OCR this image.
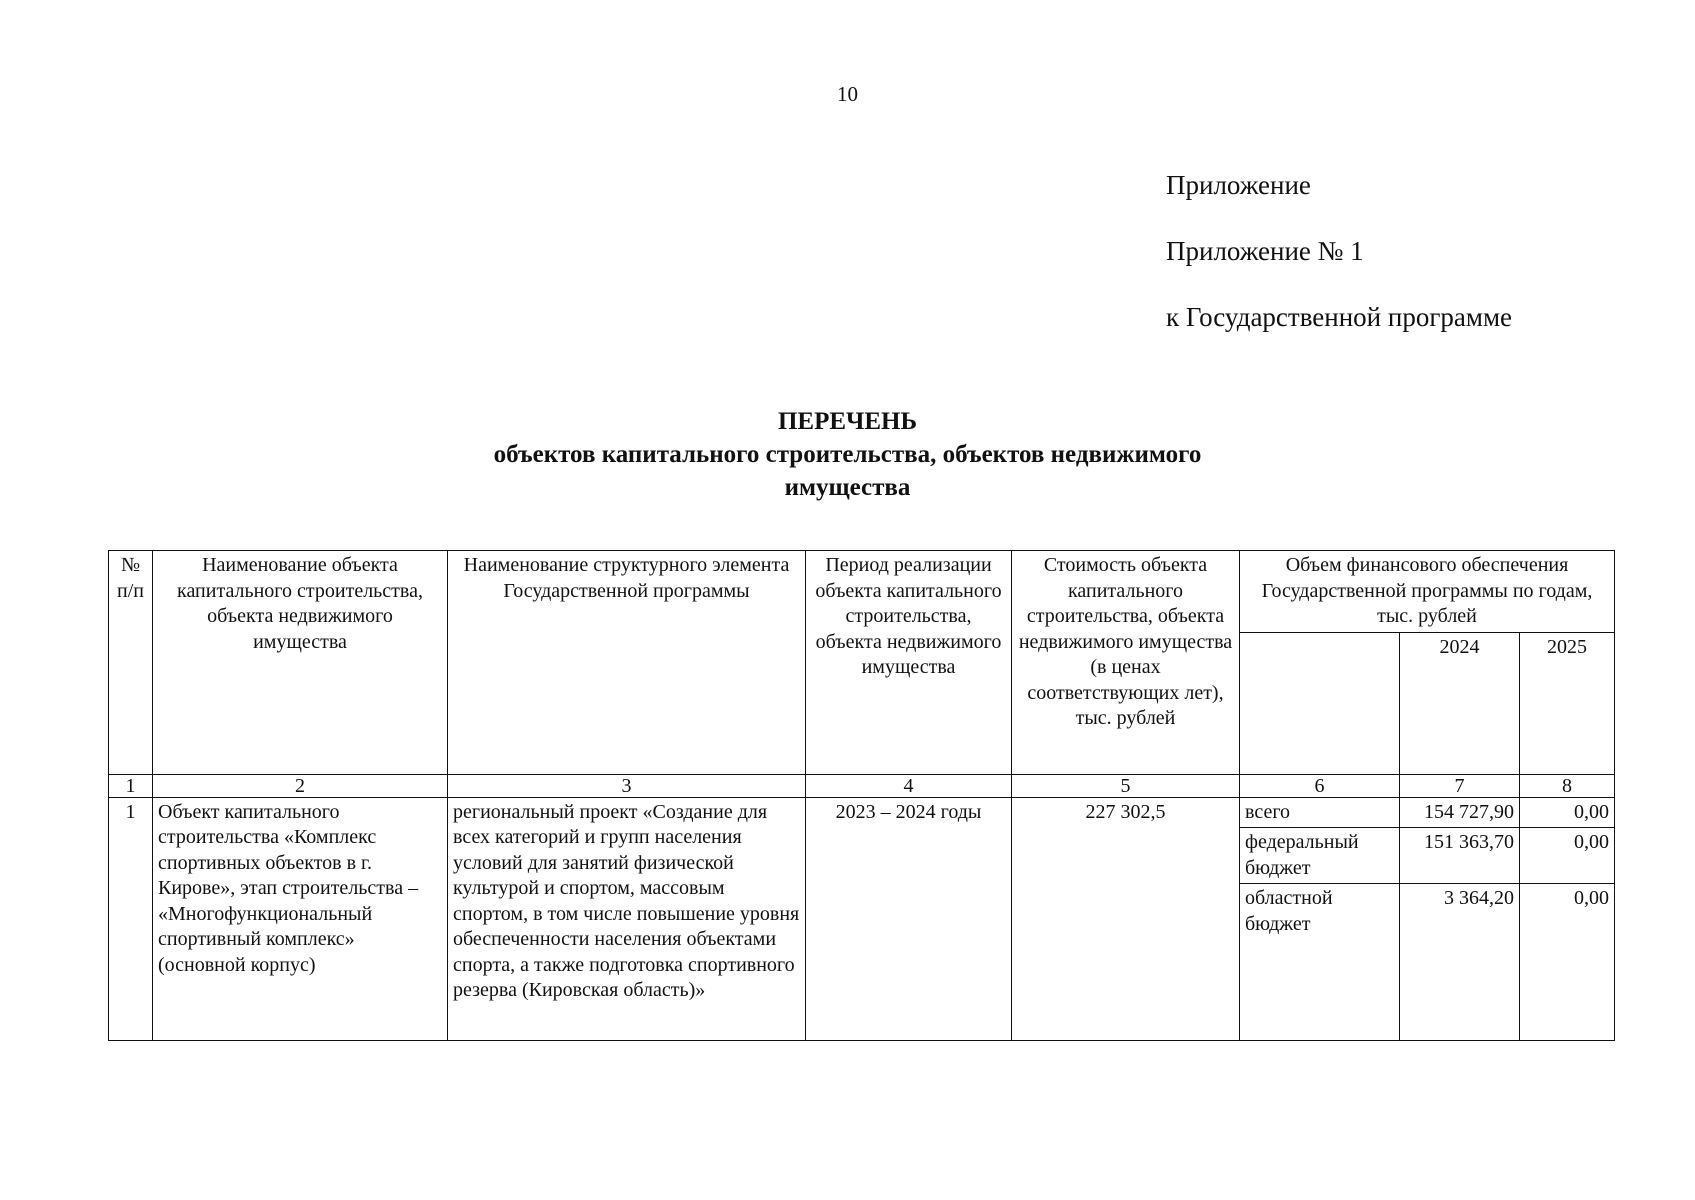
10
Приложение
Приложение № 1
к Государственной программе
ПЕРЕЧЕНЬ
объектов капитального строительства, объектов недвижимого имущества
№ п/п	Наименование объекта капитального строительства, объекта недвижимого имущества	Наименование структурного элемента Государственной программы	Период реализации объекта капитального строительства, объекта недвижимого имущества	Стоимость объекта капитального строительства, объекта недвижимого имущества (в ценах соответствующих лет), тыс. рублей	Объем финансового обеспечения Государственной программы по годам, тыс. рублей		
						2024	2025
1	2	3	4	5	6	7	8
1	Объект капитального строительства «Комплекс спортивных объектов в г. Кирове», этап строительства – «Многофункциональный спортивный комплекс» (основной корпус)	региональный проект «Создание для всех категорий и групп населения условий для занятий физической культурой и спортом, массовым спортом, в том числе повышение уровня обеспеченности населения объектами спорта, а также подготовка спортивного резерва (Кировская область)»	2023 – 2024 годы	227 302,5	всего	154 727,90	0,00
					федеральный бюджет	151 363,70	0,00
					областной бюджет	3 364,20	0,00
